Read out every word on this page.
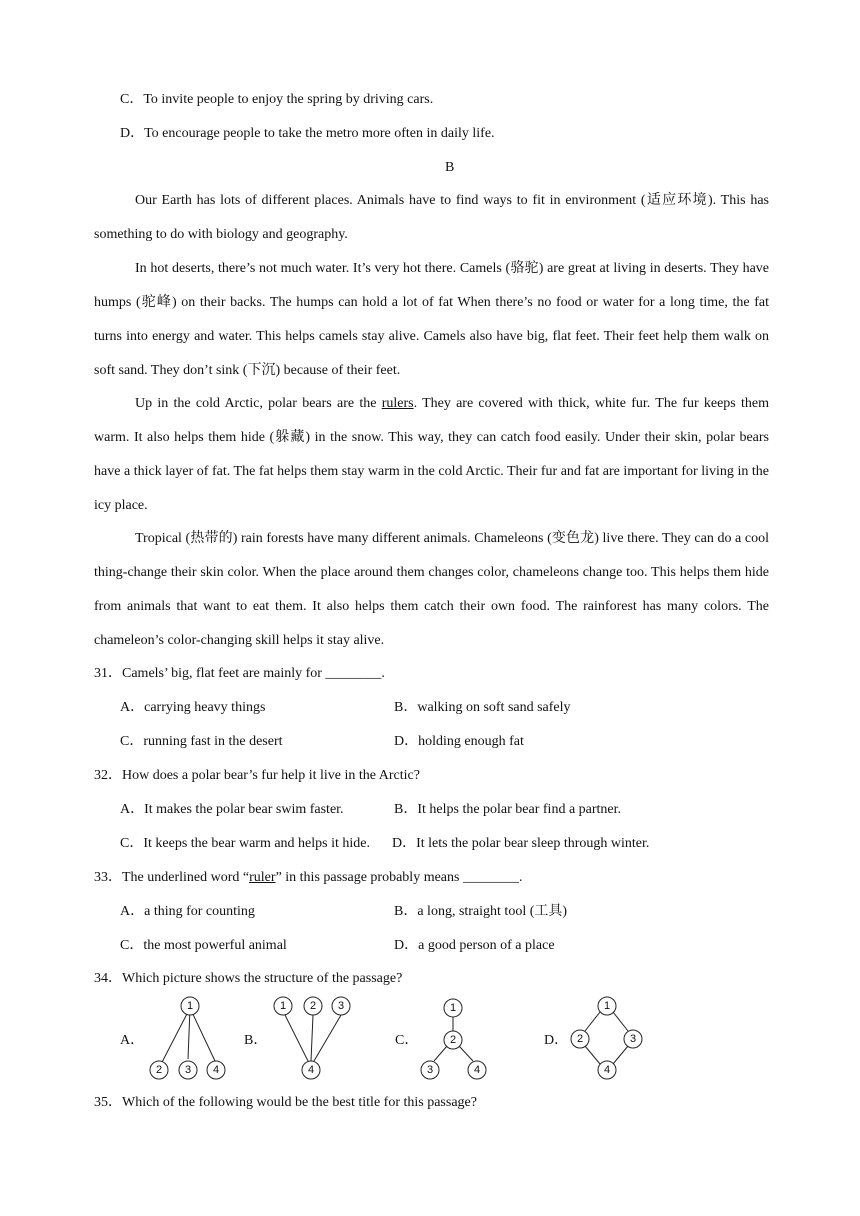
C．To invite people to enjoy the spring by driving cars.
D．To encourage people to take the metro more often in daily life.
B
Our Earth has lots of different places. Animals have to find ways to fit in environment (适应环境). This has something to do with biology and geography.
In hot deserts, there’s not much water. It’s very hot there. Camels (骆驼) are great at living in deserts. They have humps (驼峰) on their backs. The humps can hold a lot of fat When there’s no food or water for a long time, the fat turns into energy and water. This helps camels stay alive. Camels also have big, flat feet. Their feet help them walk on soft sand. They don’t sink (下沉) because of their feet.
Up in the cold Arctic, polar bears are the rulers. They are covered with thick, white fur. The fur keeps them warm. It also helps them hide (躲藏) in the snow. This way, they can catch food easily. Under their skin, polar bears have a thick layer of fat. The fat helps them stay warm in the cold Arctic. Their fur and fat are important for living in the icy place.
Tropical (热带的) rain forests have many different animals. Chameleons (变色龙) live there. They can do a cool thing-change their skin color. When the place around them changes color, chameleons change too. This helps them hide from animals that want to eat them. It also helps them catch their own food. The rainforest has many colors. The chameleon’s color-changing skill helps it stay alive.
31．Camels’ big, flat feet are mainly for ________.
A．carrying heavy things	B．walking on soft sand safely
C．running fast in the desert	D．holding enough fat
32．How does a polar bear’s fur help it live in the Arctic?
A．It makes the polar bear swim faster.	B．It helps the polar bear find a partner.
C．It keeps the bear warm and helps it hide. D．It lets the polar bear sleep through winter.
33．The underlined word “ruler” in this passage probably means ________.
A．a thing for counting	B．a long, straight tool (工具)
C．the most powerful animal	D．a good person of a place
34．Which picture shows the structure of the passage?
A．
1
2 3 4
B．
1 2 3
4
C．
1
2
3	4
D．
1
2	3
4
35．Which of the following would be the best title for this passage?
